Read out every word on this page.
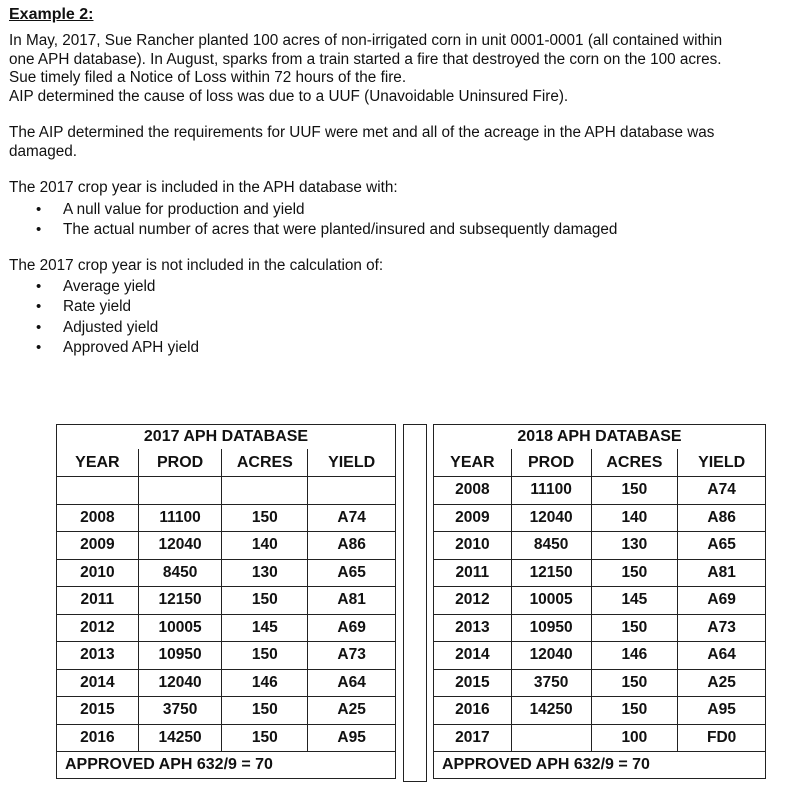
Example 2:

In May, 2017, Sue Rancher planted 100 acres of non-irrigated corn in unit 0001-0001 (all contained within

one APH database). In August, sparks from a train started a fire that destroyed the corn on the 100 acres.

Sue timely filed a Notice of Loss within 72 hours of the fire.

AIP determined the cause of loss was due to a UUF (Unavoidable Uninsured Fire).

The AIP determined the requirements for UUF were met and all of the acreage in the APH database was

damaged.

The 2017 crop year is included in the APH database with:

• A null value for production and yield
• The actual number of acres that were planted/insured and subsequently damaged

The 2017 crop year is not included in the calculation of:

• Average yield
• Rate yield
• Adjusted yield
• Approved APH yield
2017 APH DATABASE			
YEAR	PROD	ACRES	YIELD

2008	11100	150	A74
2009	12040	140	A86
2010	8450	130	A65
2011	12150	150	A81
2012	10005	145	A69
2013	10950	150	A73
2014	12040	146	A64
2015	3750	150	A25
2016	14250	150	A95
APPROVED APH 632/9 = 70			
2018 APH DATABASE			
YEAR	PROD	ACRES	YIELD
2008	11100	150	A74
2009	12040	140	A86
2010	8450	130	A65
2011	12150	150	A81
2012	10005	145	A69
2013	10950	150	A73
2014	12040	146	A64
2015	3750	150	A25
2016	14250	150	A95
2017		100	FD0
APPROVED APH 632/9 = 70			
